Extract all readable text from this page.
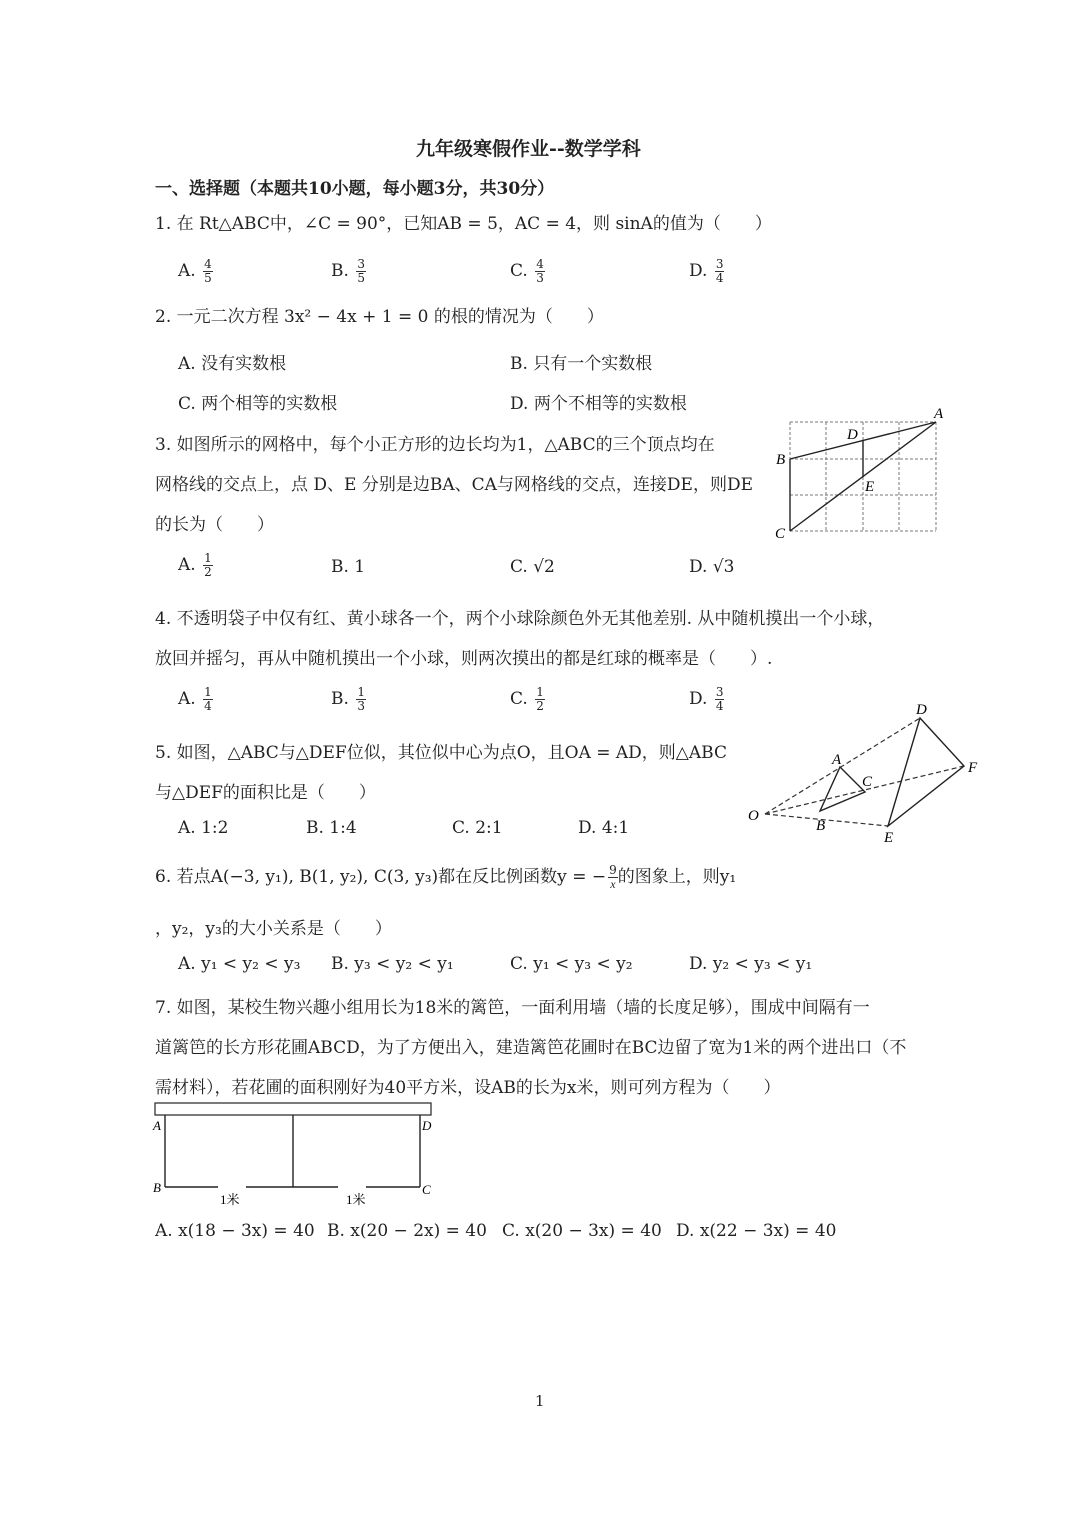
九年级寒假作业--数学学科
一、选择题（本题共10小题，每小题3分，共30分）
1. 在 Rt△ABC中，∠C = 90°，已知AB = 5，AC = 4，则 sinA的值为（　　）
A. $\frac{4}{5}$	B. $\frac{3}{5}$	C. $\frac{4}{3}$	D. $\frac{3}{4}$
2. 一元二次方程 3x² − 4x + 1 = 0 的根的情况为（　　）
A. 没有实数根	B. 只有一个实数根
C. 两个相等的实数根	D. 两个不相等的实数根
3. 如图所示的网格中，每个小正方形的边长均为1，△ABC的三个顶点均在
网格线的交点上，点 D、E 分别是边BA、CA与网格线的交点，连接DE，则DE
的长为（　　）
A. $\frac{1}{2}$	B. 1	C. √2	D. √3
A
B
C
D
E
4. 不透明袋子中仅有红、黄小球各一个，两个小球除颜色外无其他差别. 从中随机摸出一个小球，
放回并摇匀，再从中随机摸出一个小球，则两次摸出的都是红球的概率是（　　）.
A. $\frac{1}{4}$	B. $\frac{1}{3}$	C. $\frac{1}{2}$	D. $\frac{3}{4}$
5. 如图，△ABC与△DEF位似，其位似中心为点O，且OA = AD，则△ABC
与△DEF的面积比是（　　）
A. 1:2	B. 1:4	C. 2:1	D. 4:1
O
A
B
C
D
E
F
6. 若点A(−3, y₁), B(1, y₂), C(3, y₃)都在反比例函数y = − $\frac{9}{x}$ 的图象上，则y₁
，y₂，y₃的大小关系是（　　）
A. y₁ < y₂ < y₃ B. y₃ < y₂ < y₁	C. y₁ < y₃ < y₂	D. y₂ < y₃ < y₁
7. 如图，某校生物兴趣小组用长为18米的篱笆，一面利用墙（墙的长度足够），围成中间隔有一
道篱笆的长方形花圃ABCD，为了方便出入，建造篱笆花圃时在BC边留了宽为1米的两个进出口（不
需材料），若花圃的面积刚好为40平方米，设AB的长为x米，则可列方程为（　　）
A	D
B	C
1米	1米
A. x(18 − 3x) = 40 B. x(20 − 2x) = 40 C. x(20 − 3x) = 40 D. x(22 − 3x) = 40
1
